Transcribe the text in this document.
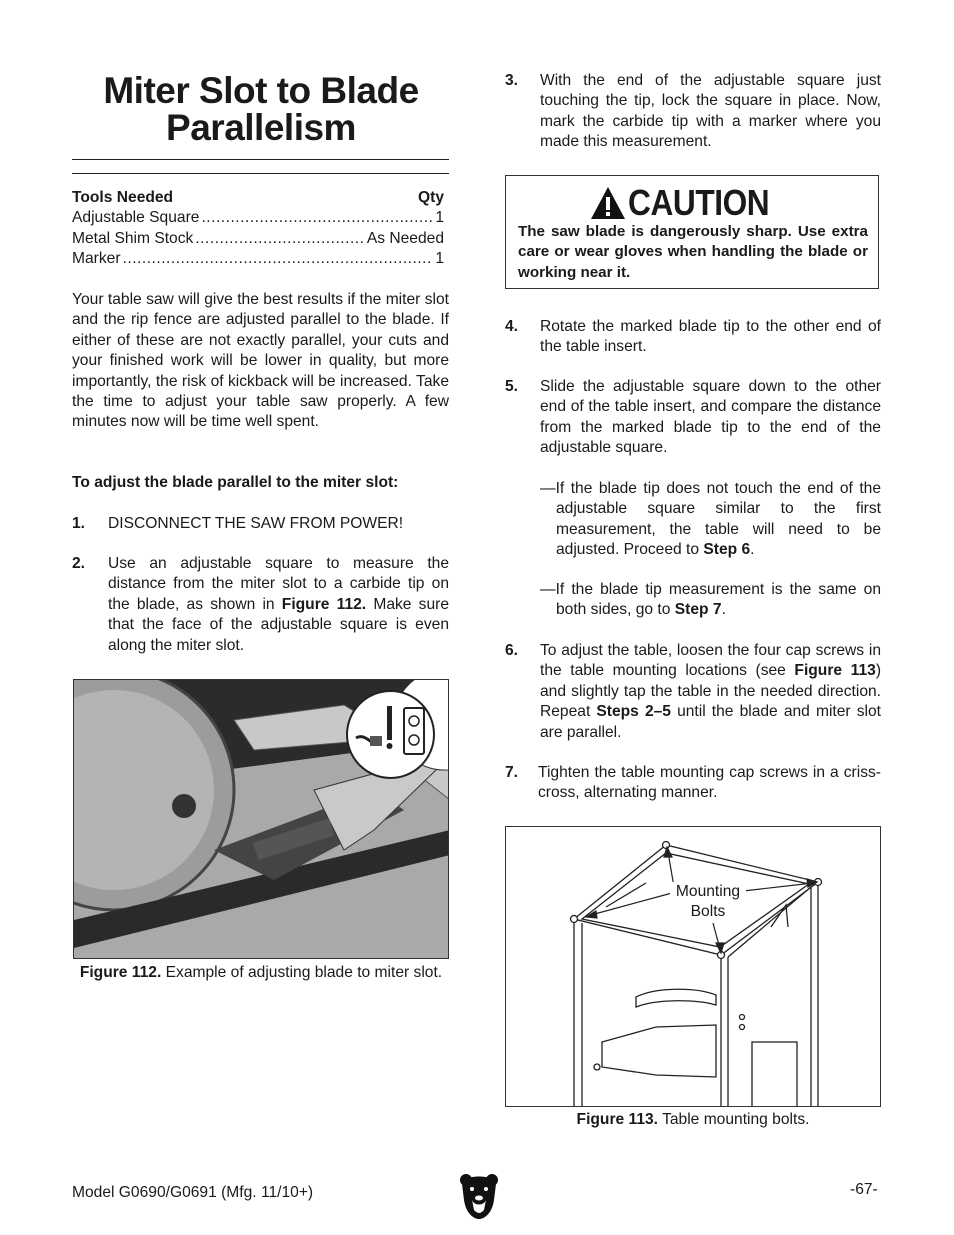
Miter Slot to Blade
Parallelism
Tools Needed	Qty
Adjustable Square .....	1
Metal Shim Stock .....	As Needed
Marker .....	1
Your table saw will give the best results if the miter slot and the rip fence are adjusted parallel to the blade. If either of these are not exactly parallel, your cuts and your finished work will be lower in quality, but more importantly, the risk of kickback will be increased. Take the time to adjust your table saw properly. A few minutes now will be time well spent.
To adjust the blade parallel to the miter slot:
1. DISCONNECT THE SAW FROM POWER!
2. Use an adjustable square to measure the distance from the miter slot to a carbide tip on the blade, as shown in Figure 112. Make sure that the face of the adjustable square is even along the miter slot.
Figure 112. Example of adjusting blade to miter slot.
3. With the end of the adjustable square just touching the tip, lock the square in place. Now, mark the carbide tip with a marker where you made this measurement.
CAUTION
The saw blade is dangerously sharp. Use extra care or wear gloves when handling the blade or working near it.
4. Rotate the marked blade tip to the other end of the table insert.
5. Slide the adjustable square down to the other end of the table insert, and compare the distance from the marked blade tip to the end of the adjustable square.
—If the blade tip does not touch the end of the adjustable square similar to the first measurement, the table will need to be adjusted. Proceed to Step 6.
—If the blade tip measurement is the same on both sides, go to Step 7.
6. To adjust the table, loosen the four cap screws in the table mounting locations (see Figure 113) and slightly tap the table in the needed direction. Repeat Steps 2–5 until the blade and miter slot are parallel.
7. Tighten the table mounting cap screws in a criss-cross, alternating manner.
Mounting
Bolts
Figure 113. Table mounting bolts.
Model G0690/G0691 (Mfg. 11/10+)	-67-
